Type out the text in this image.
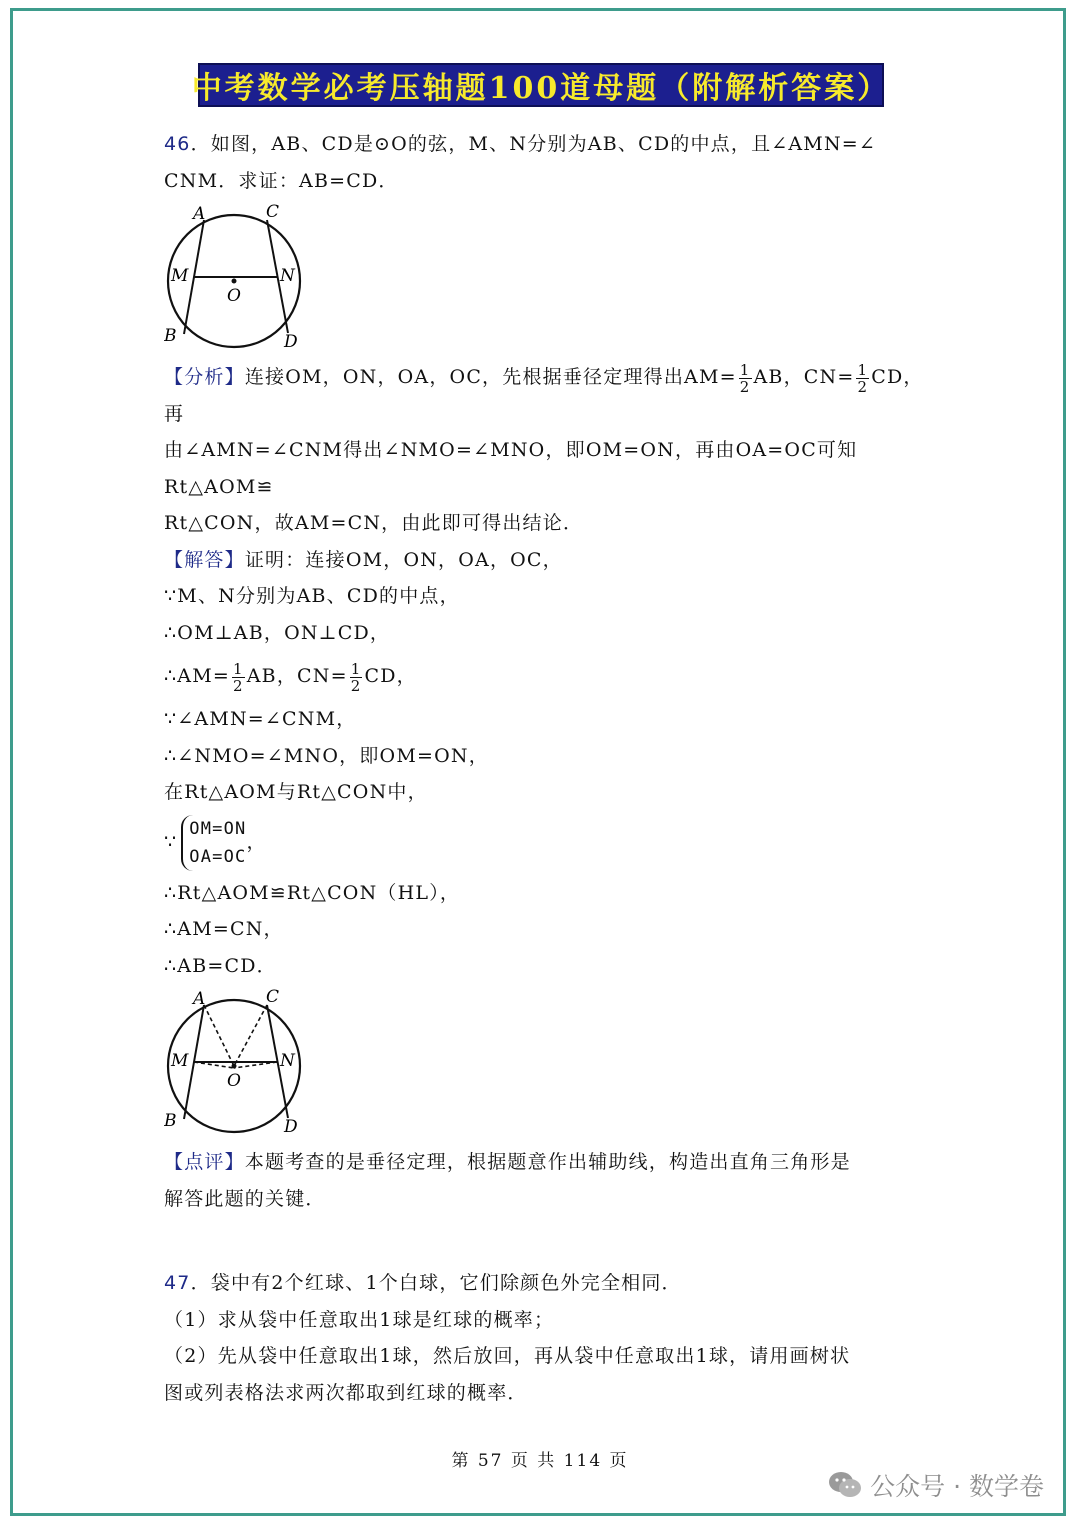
中考数学必考压轴题100道母题（附解析答案）

46．如图，AB、CD是⊙O的弦，M、N分别为AB、CD的中点，且∠AMN=∠

CNM．求证：AB=CD．

A	C
M	N
O
B	D

【分析】连接OM，ON，OA，OC，先根据垂径定理得出$AM= \frac{1}{2}$ AB，$CN= \frac{1}{2}$ CD，再

由∠AMN=∠CNM得出∠NMO=∠MNO，即OM=ON，再由OA=OC可知Rt△AOM≌

Rt△CON，故AM=CN，由此即可得出结论．

【解答】证明：连接OM，ON，OA，OC，

∵M、N分别为AB、CD的中点，

∴OM⊥AB，ON⊥CD，

∴AM= $\frac{1}{2}$ AB，$CN= \frac{1}{2}$ CD，

∵∠AMN=∠CNM，

∴∠NMO=∠MNO，即OM=ON，

在Rt△AOM与Rt△CON中，

∵
OM=ON
OA=OC
，

∴Rt△AOM≌Rt△CON（HL），

∴AM=CN，

∴AB=CD．

A	C
M	N
O
B	D

【点评】本题考查的是垂径定理，根据题意作出辅助线，构造出直角三角形是

解答此题的关键．

47．袋中有2个红球、1个白球，它们除颜色外完全相同．

（1）求从袋中任意取出1球是红球的概率；

（2）先从袋中任意取出1球，然后放回，再从袋中任意取出1球，请用画树状

图或列表格法求两次都取到红球的概率．

第 57 页 共 114 页
公众号 · 数学卷
